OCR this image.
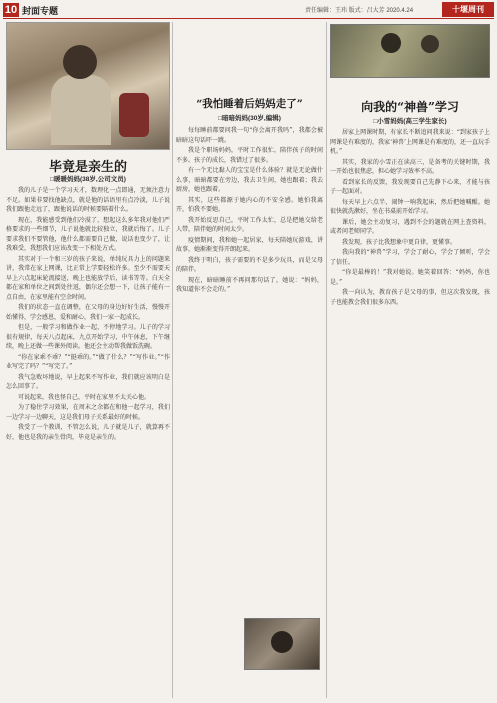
10 封面专题	责任编辑：王玮 版式：吕大芳 2020.4.24	十堰周刊
毕竟是亲生的
□暖暖妈妈(38岁,公司文员)

我的儿子是一个学习天才，数理化一点即通，无须注意力不足。如果非要找他缺点，就是他的话语里有点冷淡，儿子说我们跟他走远了，跟他说话的时候要隔着什么。

现在，我能感受到他们冷漠了，想起这么多年我对他们严格要求的一些细节，儿子说他就比较独立，我就后悔了。儿子要求我们不要管他，他什么都需要自己做，说话也变少了，让我难受，我想我们应该改变一下相处方式。

其实对于一个和三岁的孩子来说，单纯玩具力上的问题来讲，我常在家上网课，比正常上学要轻松许多。至少不需要天早上六点起床轮流接送，晚上也能放学后，读书等等。白天全都在家和单位之间到处往返，偶尔还会想一下，让孩子能有一点自由，在家里能有空余时间。

我们的状态一直在调整，在父母的身边好好生活，慢慢开始懂得，学会感恩，爱和耐心，我们一家一起成长。

但是，一般学习和做作业一起，不停地学习。儿子的学习很有规律，每天八点起床，九点开始学习，中午休息，下午继续，晚上还做一些课外阅读。他还会主动帮我做饭洗碗。

“你在家乖不乖？”“挺乖的。”“做了什么？”“写作业。”“作业写完了吗？”“写完了。”

我气急败坏地说，早上起来不写作业，我们就应该明白是怎么回事了。

可说起来，我也怪自己，平时在家里不太关心他。

为了稳住学习效果，在周末之余都在和他一起学习，我们一边学习一边聊天，这是我们母子关系最好的时候。

我受了一个教训，不管怎么说，儿子就是儿子，就算再不好，他也是我的亲生骨肉，毕竟是亲生的。

“我怕睡着后妈妈走了”
□暗暗妈妈(30岁,编辑)

每每睡前都要问我一句“你会离开我吗”，我都会被暗暗这句话吓一跳。

我是个职场妈妈，平时工作很忙，陪伴孩子的时间不多。孩子的成长，我错过了很多。

有一个无比黏人的宝宝是什么体验？就是无论做什么事，暗暗都要在旁边，我去卫生间，她也跟着；我去厨房，她也跟着。

其实，这些都源于她内心的不安全感。她怕我离开，怕我不要她。

我开始反思自己，平时工作太忙，总是把她交给老人带，陪伴她的时间太少。

疫情期间，我和她一起居家，每天陪她玩游戏，讲故事，她渐渐变得开朗起来。

我终于明白，孩子需要的不是多少玩具，而是父母的陪伴。

现在，暗暗睡前不再问那句话了，她说：“妈妈，我知道你不会走的。”

向我的“神兽”学习
□小雪妈妈(高三学生家长)

居家上网课时期，有家长不断追问我来说：“到家孩子上网课是有难度的，我家‘神兽’上网课是有难度的，还一直玩手机。”

其实，我家的小雪正在读高三，是备考的关键时期，我一开始也很焦虑，担心她学习效率不高。

看到家长的反馈，我发现要自己先静下心来，才能与孩子一起面对。

每天早上六点半，闹钟一响我起床，然后把她喊醒。她很快就洗漱好，坐在书桌前开始学习。

课后，她会主动复习，遇到不会的题就在网上查资料，或者问老师同学。

我发现，孩子比我想象中更自律，更懂事。

我向我的“神兽”学习，学会了耐心，学会了倾听，学会了信任。

“你是最棒的！”我对她说。她笑着回答：“妈妈，你也是。”

我一向认为，教育孩子是父母的事，但这次我发现，孩子也能教会我们很多东西。
